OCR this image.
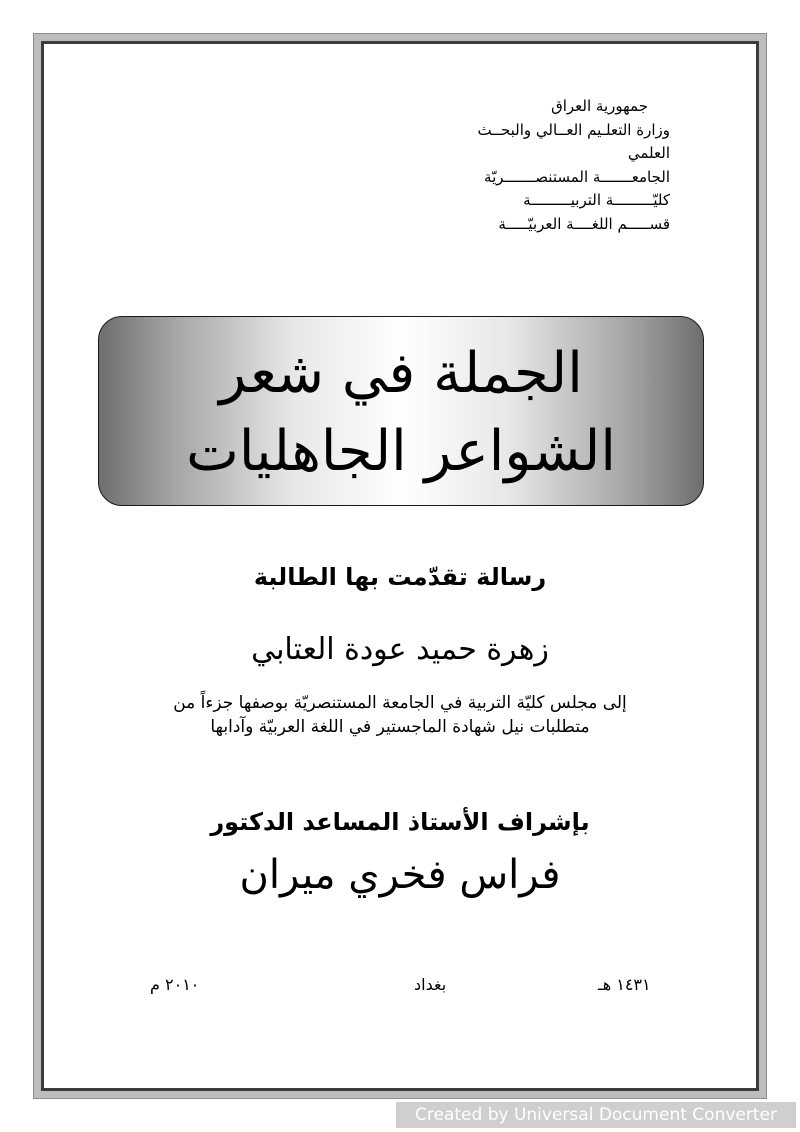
جمهورية العراق
وزارة التعلـيم العــالي والبحــث
العلمي
الجامعـــــــة المستنصـــــــريّة
كليّـــــــــة التربيـــــــــة
قســـــم اللغــــة العربيّـــــة
الجملة في شعر
الشواعر الجاهليات
رسالة تقدّمت بها الطالبة
زهرة حميد عودة العتابي
إلى مجلس كليّة التربية في الجامعة المستنصريّة بوصفها جزءاً من
متطلبات نيل شهادة الماجستير في اللغة العربيّة وآدابها
بإشراف الأستاذ المساعد الدكتور
فراس فخري ميران
١٤٣١ هـ
بغداد
٢٠١٠ م
Created by Universal Document Converter
